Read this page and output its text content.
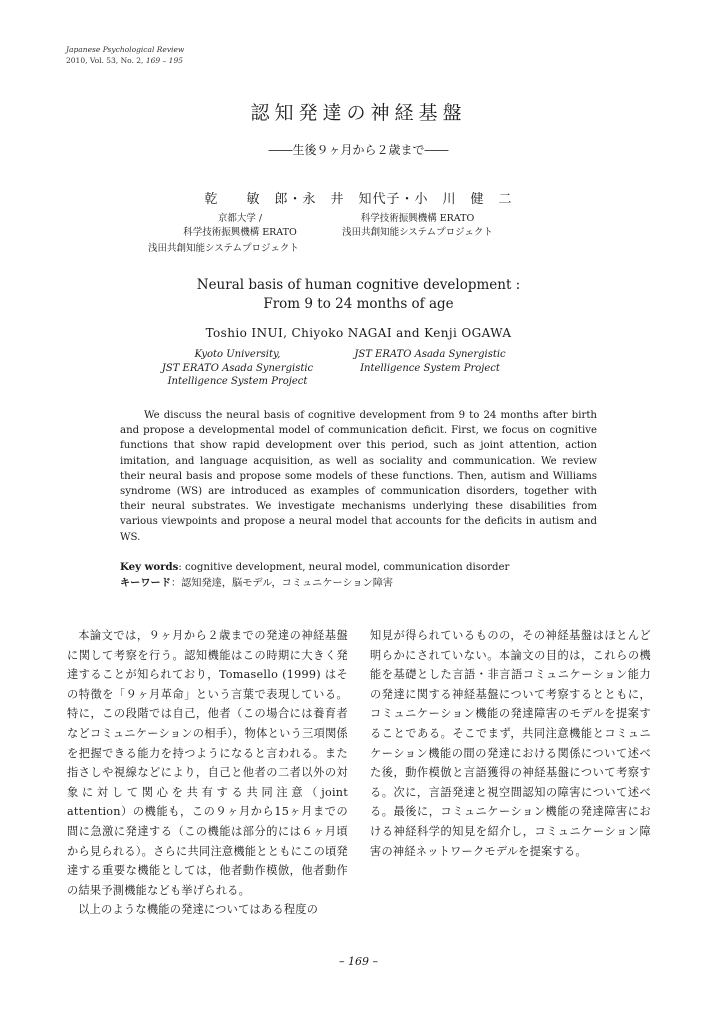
Japanese Psychological Review
2010, Vol. 53, No. 2, 169 – 195
認知発達の神経基盤
――生後９ヶ月から２歳まで――
乾　　敏　郎・永　井　知代子・小　川　健　二
京都大学 /
科学技術振興機構 ERATO
浅田共創知能システムプロジェクト
科学技術振興機構 ERATO
浅田共創知能システムプロジェクト
Neural basis of human cognitive development :
From 9 to 24 months of age
Toshio INUI, Chiyoko NAGAI and Kenji OGAWA
Kyoto University,
JST ERATO Asada Synergistic
Intelligence System Project
JST ERATO Asada Synergistic
Intelligence System Project
We discuss the neural basis of cognitive development from 9 to 24 months after birth and propose a developmental model of communication deficit. First, we focus on cognitive functions that show rapid development over this period, such as joint attention, action imitation, and language acquisition, as well as sociality and communication. We review their neural basis and propose some models of these functions. Then, autism and Williams syndrome (WS) are introduced as examples of communication disorders, together with their neural substrates. We investigate mechanisms underlying these disabilities from various viewpoints and propose a neural model that accounts for the deficits in autism and WS.
Key words: cognitive development, neural model, communication disorder
キーワード：認知発達，脳モデル，コミュニケーション障害

本論文では，９ヶ月から２歳までの発達の神経基盤に関して考察を行う。認知機能はこの時期に大きく発達することが知られており，Tomasello (1999) はその特徴を「９ヶ月革命」という言葉で表現している。特に，この段階では自己，他者（この場合には養育者などコミュニケーションの相手），物体という三項関係を把握できる能力を持つようになると言われる。また指さしや視線などにより，自己と他者の二者以外の対象に対して関心を共有する共同注意（joint attention）の機能も，この９ヶ月から15ヶ月までの間に急激に発達する（この機能は部分的には６ヶ月頃から見られる）。さらに共同注意機能とともにこの頃発達する重要な機能としては，他者動作模倣，他者動作の結果予測機能なども挙げられる。

以上のような機能の発達についてはある程度の

知見が得られているものの，その神経基盤はほとんど明らかにされていない。本論文の目的は，これらの機能を基礎とした言語・非言語コミュニケーション能力の発達に関する神経基盤について考察するとともに，コミュニケーション機能の発達障害のモデルを提案することである。そこでまず，共同注意機能とコミュニケーション機能の間の発達における関係について述べた後，動作模倣と言語獲得の神経基盤について考察する。次に，言語発達と視空間認知の障害について述べる。最後に，コミュニケーション機能の発達障害における神経科学的知見を紹介し，コミュニケーション障害の神経ネットワークモデルを提案する。

– 169 –
